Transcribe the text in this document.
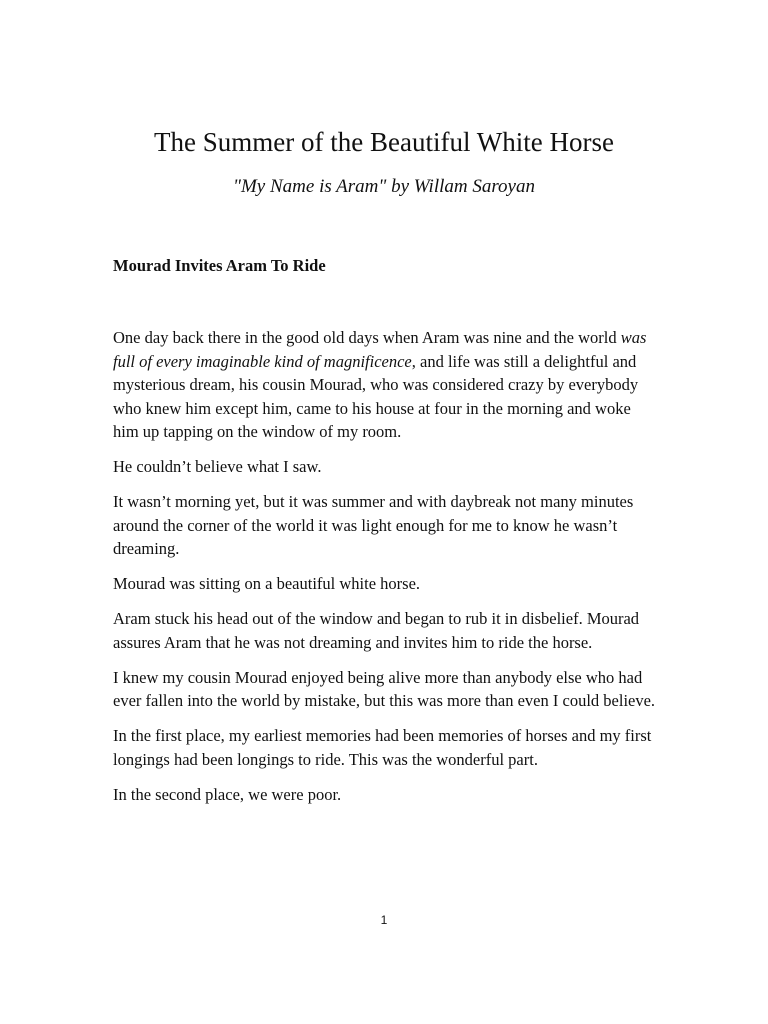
The Summer of the Beautiful White Horse
"My Name is Aram" by Willam Saroyan
Mourad Invites Aram To Ride

One day back there in the good old days when Aram was nine and the world was full of every imaginable kind of magnificence, and life was still a delightful and mysterious dream, his cousin Mourad, who was considered crazy by everybody who knew him except him, came to his house at four in the morning and woke him up tapping on the window of my room.

He couldn’t believe what I saw.

It wasn’t morning yet, but it was summer and with daybreak not many minutes around the corner of the world it was light enough for me to know he wasn’t dreaming.

Mourad was sitting on a beautiful white horse.

Aram stuck his head out of the window and began to rub it in disbelief. Mourad assures Aram that he was not dreaming and invites him to ride the horse.

I knew my cousin Mourad enjoyed being alive more than anybody else who had ever fallen into the world by mistake, but this was more than even I could believe.

In the first place, my earliest memories had been memories of horses and my first longings had been longings to ride. This was the wonderful part.

In the second place, we were poor.

1
